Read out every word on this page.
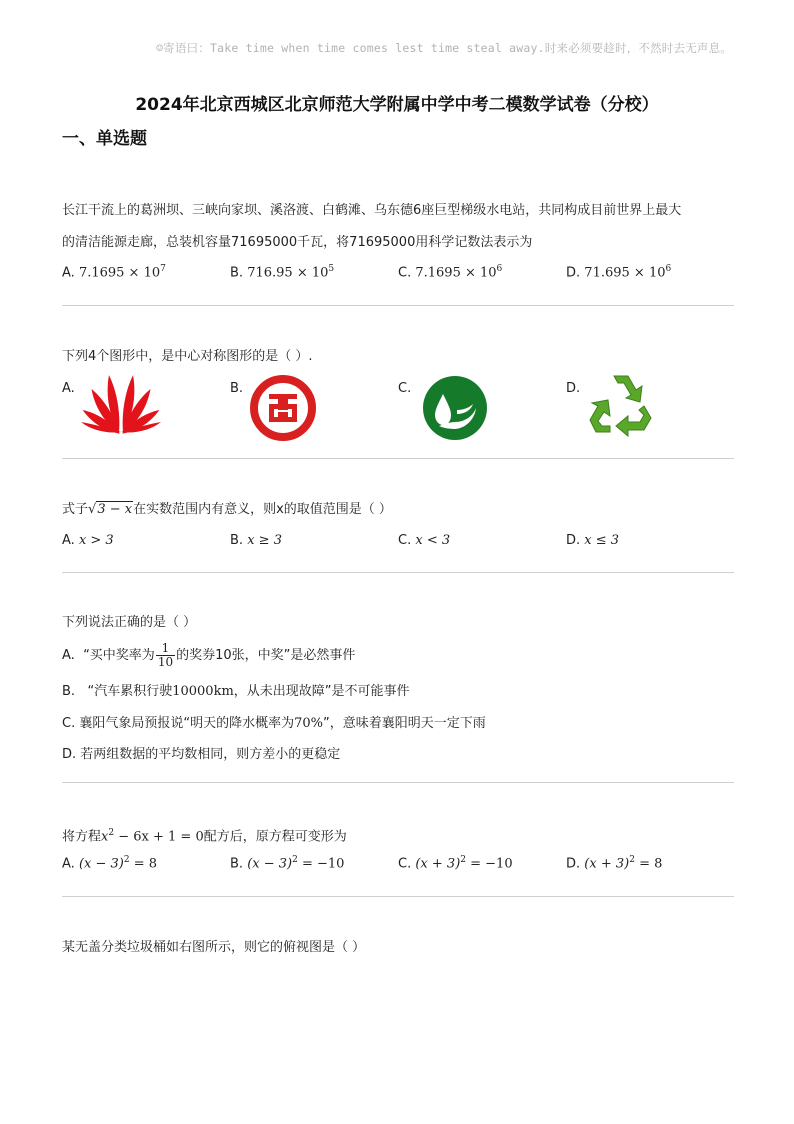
☺寄语曰：Take time when time comes lest time steal away.时来必须要趁时，不然时去无声息。
2024年北京西城区北京师范大学附属中学中考二模数学试卷（分校）
一、单选题
长江干流上的葛洲坝、三峡向家坝、溪洛渡、白鹤滩、乌东德6座巨型梯级水电站，共同构成目前世界上最大
的清洁能源走廊，总装机容量71695000千瓦，将71695000用科学记数法表示为
A. $7.1695 \times 10^7$	B. $716.95 \times 10^5$	C. $7.1695 \times 10^6$	D. $71.695 \times 10^6$
下列4个图形中，是中心对称图形的是（ ）.
A.	B.	C.	D.
式子√3 − x在实数范围内有意义，则x的取值范围是（ ）
A. x > 3	B. x ≥ 3	C. x < 3	D. x ≤ 3
下列说法正确的是（ ）
A. “买中奖率为 $\frac{1}{10}$ 的奖券10张，中奖”是必然事件
B. “汽车累积行驶10000km，从未出现故障”是不可能事件
C. 襄阳气象局预报说“明天的降水概率为70%”，意味着襄阳明天一定下雨
D. 若两组数据的平均数相同，则方差小的更稳定
将方程$x^2 - 6x + 1 = 0$配方后，原方程可变形为
A. $(x - 3)^2 = 8$	B. $(x - 3)^2 = -10$	C. $(x + 3)^2 = -10$	D. $(x + 3)^2 = 8$
某无盖分类垃圾桶如右图所示，则它的俯视图是（ ）
